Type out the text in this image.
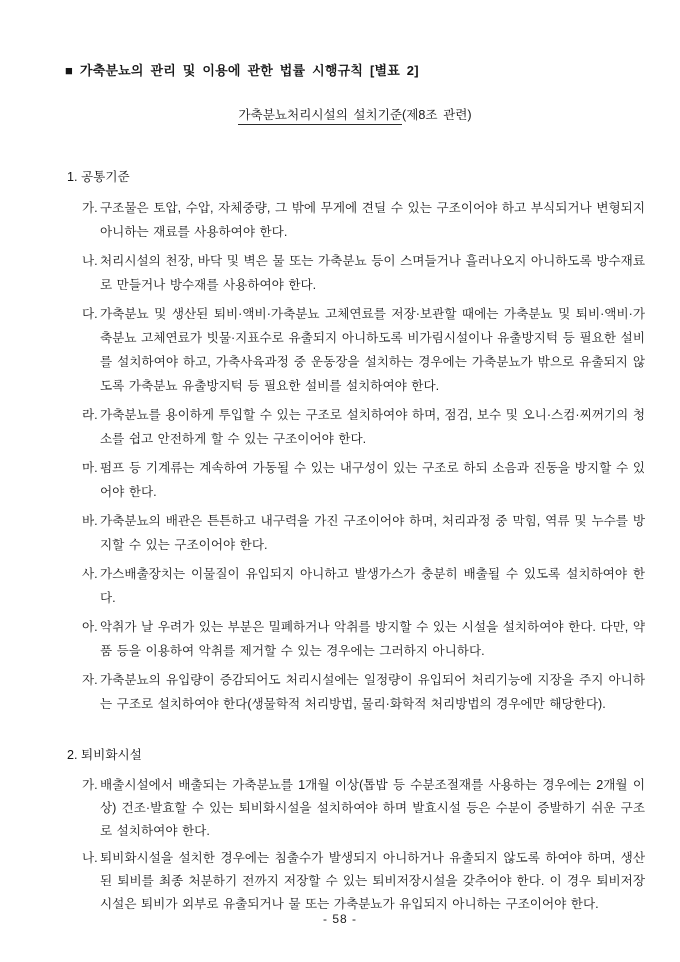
■ 가축분뇨의 관리 및 이용에 관한 법률 시행규칙 [별표 2]
가축분뇨처리시설의 설치기준(제8조 관련)
1. 공통기준
가. 구조물은 토압, 수압, 자체중량, 그 밖에 무게에 견딜 수 있는 구조이어야 하고 부식되거나 변형되지 아니하는 재료를 사용하여야 한다.
나. 처리시설의 천장, 바닥 및 벽은 물 또는 가축분뇨 등이 스며들거나 흘러나오지 아니하도록 방수재료로 만들거나 방수재를 사용하여야 한다.
다. 가축분뇨 및 생산된 퇴비·액비·가축분뇨 고체연료를 저장·보관할 때에는 가축분뇨 및 퇴비·액비·가축분뇨 고체연료가 빗물·지표수로 유출되지 아니하도록 비가림시설이나 유출방지턱 등 필요한 설비를 설치하여야 하고, 가축사육과정 중 운동장을 설치하는 경우에는 가축분뇨가 밖으로 유출되지 않도록 가축분뇨 유출방지턱 등 필요한 설비를 설치하여야 한다.
라. 가축분뇨를 용이하게 투입할 수 있는 구조로 설치하여야 하며, 점검, 보수 및 오니·스컴·찌꺼기의 청소를 쉽고 안전하게 할 수 있는 구조이어야 한다.
마. 펌프 등 기계류는 계속하여 가동될 수 있는 내구성이 있는 구조로 하되 소음과 진동을 방지할 수 있어야 한다.
바. 가축분뇨의 배관은 튼튼하고 내구력을 가진 구조이어야 하며, 처리과정 중 막힘, 역류 및 누수를 방지할 수 있는 구조이어야 한다.
사. 가스배출장치는 이물질이 유입되지 아니하고 발생가스가 충분히 배출될 수 있도록 설치하여야 한다.
아. 악취가 날 우려가 있는 부분은 밀폐하거나 악취를 방지할 수 있는 시설을 설치하여야 한다. 다만, 약품 등을 이용하여 악취를 제거할 수 있는 경우에는 그러하지 아니하다.
자. 가축분뇨의 유입량이 증감되어도 처리시설에는 일정량이 유입되어 처리기능에 지장을 주지 아니하는 구조로 설치하여야 한다(생물학적 처리방법, 물리·화학적 처리방법의 경우에만 해당한다).
2. 퇴비화시설
가. 배출시설에서 배출되는 가축분뇨를 1개월 이상(톱밥 등 수분조절재를 사용하는 경우에는 2개월 이상) 건조·발효할 수 있는 퇴비화시설을 설치하여야 하며 발효시설 등은 수분이 증발하기 쉬운 구조로 설치하여야 한다.
나. 퇴비화시설을 설치한 경우에는 침출수가 발생되지 아니하거나 유출되지 않도록 하여야 하며, 생산된 퇴비를 최종 처분하기 전까지 저장할 수 있는 퇴비저장시설을 갖추어야 한다. 이 경우 퇴비저장시설은 퇴비가 외부로 유출되거나 물 또는 가축분뇨가 유입되지 아니하는 구조이어야 한다.
- 58 -
